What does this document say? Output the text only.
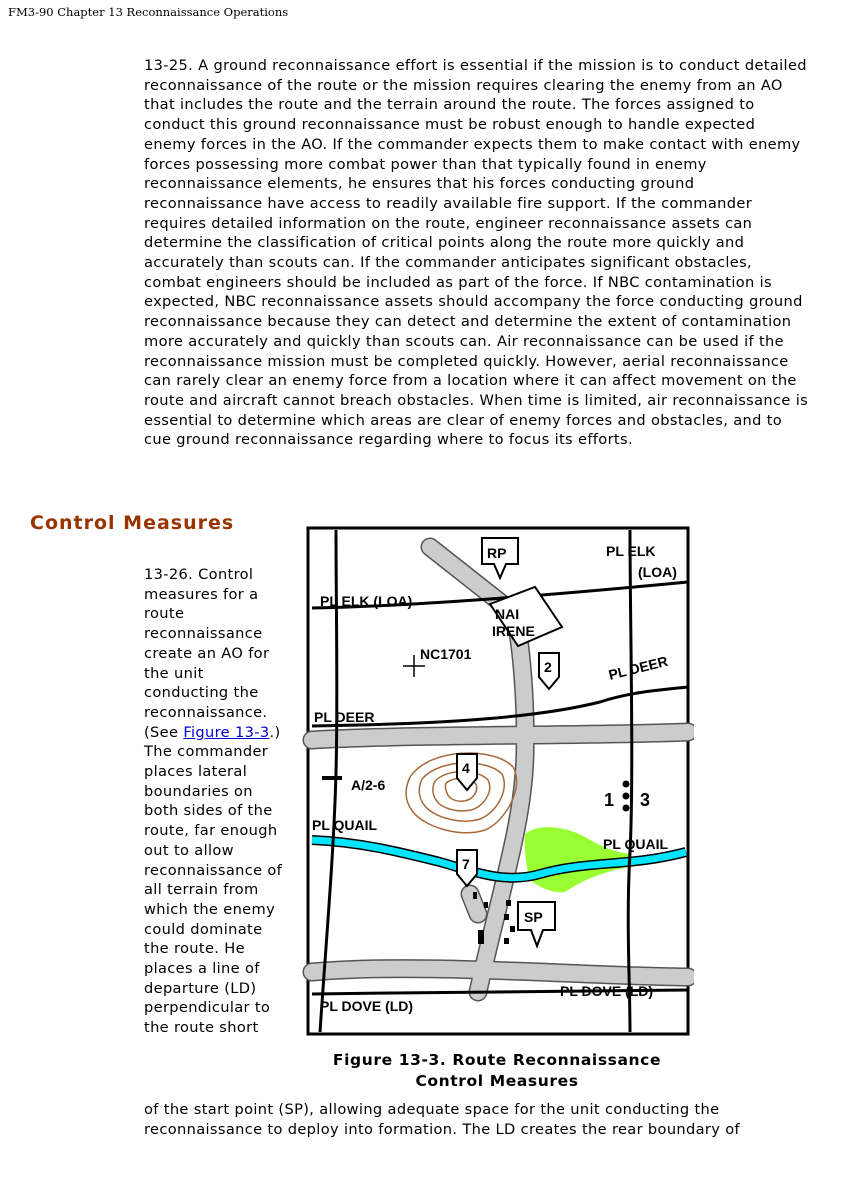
FM3-90 Chapter 13 Reconnaissance Operations

13-25. A ground reconnaissance effort is essential if the mission is to conduct detailed reconnaissance of the route or the mission requires clearing the enemy from an AO that includes the route and the terrain around the route. The forces assigned to conduct this ground reconnaissance must be robust enough to handle expected enemy forces in the AO. If the commander expects them to make contact with enemy forces possessing more combat power than that typically found in enemy reconnaissance elements, he ensures that his forces conducting ground reconnaissance have access to readily available fire support. If the commander requires detailed information on the route, engineer reconnaissance assets can determine the classification of critical points along the route more quickly and accurately than scouts can. If the commander anticipates significant obstacles, combat engineers should be included as part of the force. If NBC contamination is expected, NBC reconnaissance assets should accompany the force conducting ground reconnaissance because they can detect and determine the extent of contamination more accurately and quickly than scouts can. Air reconnaissance can be used if the reconnaissance mission must be completed quickly. However, aerial reconnaissance can rarely clear an enemy force from a location where it can affect movement on the route and aircraft cannot breach obstacles. When time is limited, air reconnaissance is essential to determine which areas are clear of enemy forces and obstacles, and to cue ground reconnaissance regarding where to focus its efforts.

Control Measures

13-26. Control measures for a route reconnaissance create an AO for the unit conducting the reconnaissance. (See Figure 13-3.) The commander places lateral boundaries on both sides of the route, far enough out to allow reconnaissance of all terrain from which the enemy could dominate the route. He places a line of departure (LD) perpendicular to the route short

of the start point (SP), allowing adequate space for the unit conducting the reconnaissance to deploy into formation. The LD creates the rear boundary of

NAI
IRENE
RP
SP
2
4
7
NC1701
A/2-6
1 3
PL ELK
(LOA)
PL ELK (LOA)
PL DEER
PL DEER
PL QUAIL
PL QUAIL
PL DOVE (LD)
PL DOVE (LD)
Figure 13-3. Route Reconnaissance
Control Measures
